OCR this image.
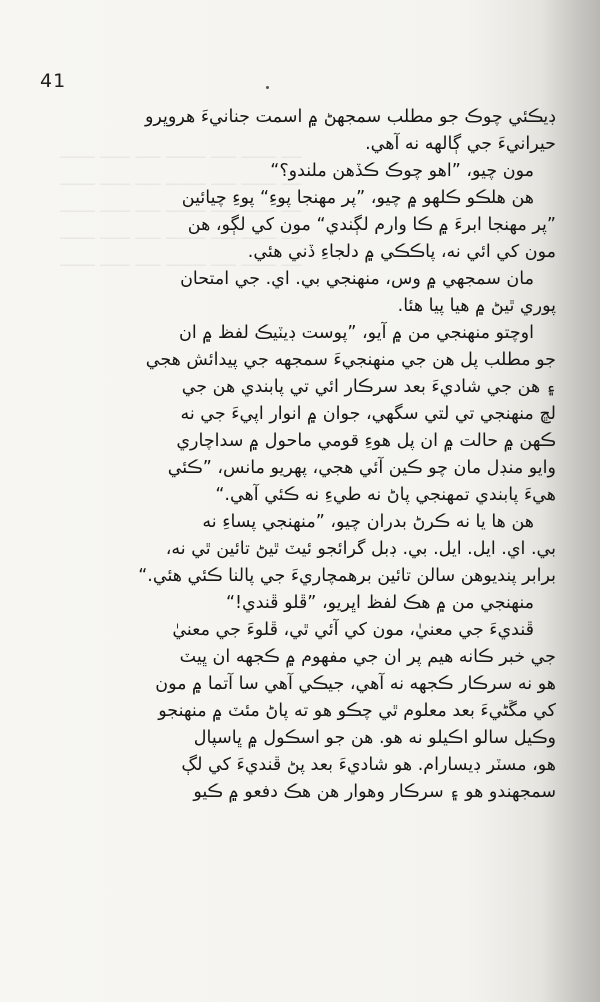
ـــــــ ــــــ ـــــ ــــــــ ـــــ ـــــــ ــــ
ـــــــ ــــــ ـــــ ــــــــ ـــــ ـــــــ ــــ
ـــــــ ــــــ ـــــ ــــــــ ـــــ ـــــــ ــــ
ـــــــ ــــــ ـــــ ــــــــ ـــــ ـــــــ ــــ
ـــــــ ــــــ ـــــ ــــــــ ـــــ ـــــــ ــــ
41
ڊيڪئي چوڪ جو مطلب سمجهڻ ۾ اسمت جنانيءَ هروڀرو
حيرانيءَ جي ڳالهه نه آهي.
مون چيو، ”اهو چوڪ ڪڏهن ملندو؟“
هن هلڪو ڪلهو ۾ چيو، ”پر مهنجا پوءِ“ پوءِ چيائين
”پر مهنجا ابرءَ ۾ ڪا وارم لڳندي“ مون کي لڳو، هن
مون کي ائي نه، پاڪڪي ۾ دلجاءِ ڏني هئي.
مان سمجهي ۾ وس، منهنجي بي. اي. جي امتحان
پوري ٿيڻ ۾ هيا پيا هئا.
اوچتو منهنجي من ۾ آيو، ”پوست ڊيٽيڪ لفظ ۾ ان
جو مطلب پل هن جي منهنجيءَ سمجهه جي پيدائش هجي
۽ هن جي شاديءَ بعد سرڪار ائي تي پابندي هن جي
لڇ منهنجي تي لتي سگهي، جوان ۾ انوار اپيءَ جي نه
ڪهن ۾ حالت ۾ ان پل هوءِ قومي ماحول ۾ سداچاري
وايو منڊل مان چو ڪين آئي هجي، پهريو مانس، ”ڪئي
هيءَ پابندي تمهنجي پاڻ نه طيءِ نه ڪئي آهي.“
هن ها يا نه ڪرڻ بدران چيو، ”منهنجي پساءِ نه
بي. اي. ايل. ايل. بي. ڊبل گرائجو ئيٽ ٿيڻ تائين ٿي نه،
برابر پنديوهن سالن تائين برهمچاريءَ جي پالنا ڪئي هئي.“
منهنجي من ۾ هڪ لفظ اڀريو، ”ڦلو ڦندي!“
ڦنديءَ جي معنيٰ، مون کي آئي ٿي، ڦلوءَ جي معنيٰ
جي خبر ڪانه هيم پر ان جي مفهوم ۾ ڪجهه ان ڀيٽ
هو نه سرڪار ڪجهه نه آهي، جيڪي آهي سا آتما ۾ مون
کي مڱڻيءَ بعد معلوم ٿي چڪو هو ته پاڻ مئٽ ۾ منهنجو
وڪيل سالو اڪيلو نه هو. هن جو اسڪول ۾ ڀاسپال
هو، مسٽر ڊيسارام. هو شاديءَ بعد پڻ ڦنديءَ کي لڳ
سمجهندو هو ۽ سرڪار وهوار هن هڪ دفعو ۾ ڪيو
